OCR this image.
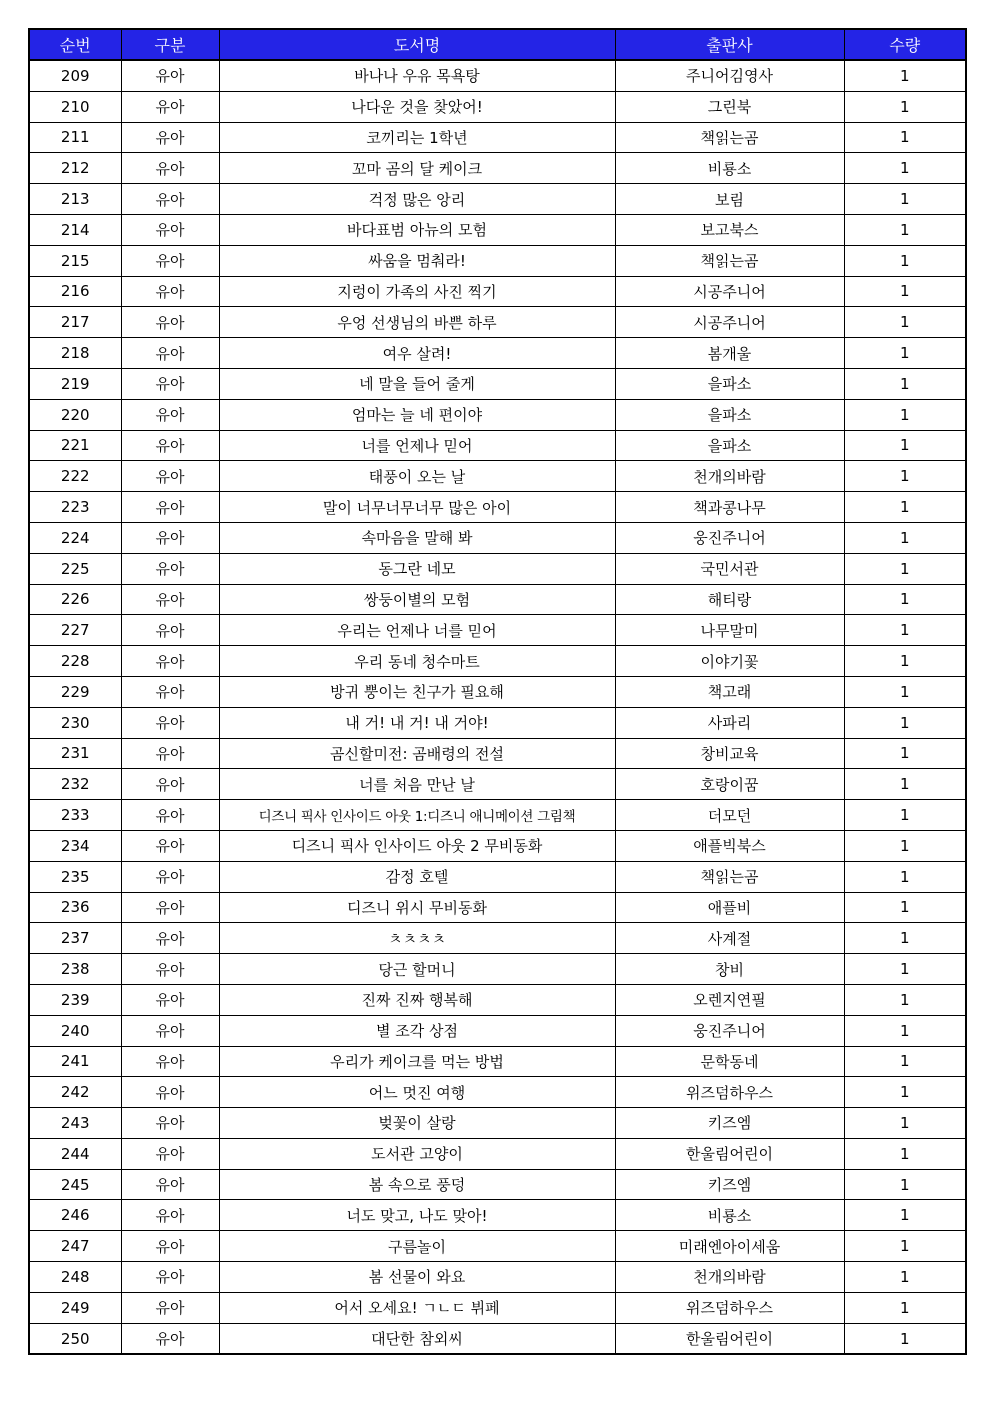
순번	구분	도서명	출판사	수량
209	유아	바나나 우유 목욕탕	주니어김영사	1
210	유아	나다운 것을 찾았어!	그린북	1
211	유아	코끼리는 1학년	책읽는곰	1
212	유아	꼬마 곰의 달 케이크	비룡소	1
213	유아	걱정 많은 앙리	보림	1
214	유아	바다표범 아뉴의 모험	보고북스	1
215	유아	싸움을 멈춰라!	책읽는곰	1
216	유아	지렁이 가족의 사진 찍기	시공주니어	1
217	유아	우엉 선생님의 바쁜 하루	시공주니어	1
218	유아	여우 살려!	봄개울	1
219	유아	네 말을 들어 줄게	을파소	1
220	유아	엄마는 늘 네 편이야	을파소	1
221	유아	너를 언제나 믿어	을파소	1
222	유아	태풍이 오는 날	천개의바람	1
223	유아	말이 너무너무너무 많은 아이	책과콩나무	1
224	유아	속마음을 말해 봐	웅진주니어	1
225	유아	동그란 네모	국민서관	1
226	유아	쌍둥이별의 모험	해티랑	1
227	유아	우리는 언제나 너를 믿어	나무말미	1
228	유아	우리 동네 청수마트	이야기꽃	1
229	유아	방귀 뿡이는 친구가 필요해	책고래	1
230	유아	내 거! 내 거! 내 거야!	사파리	1
231	유아	곰신할미전: 곰배령의 전설	창비교육	1
232	유아	너를 처음 만난 날	호랑이꿈	1
233	유아	디즈니 픽사 인사이드 아웃 1:디즈니 애니메이션 그림책	더모던	1
234	유아	디즈니 픽사 인사이드 아웃 2 무비동화	애플빅북스	1
235	유아	감정 호텔	책읽는곰	1
236	유아	디즈니 위시 무비동화	애플비	1
237	유아	ㅊㅊㅊㅊ	사계절	1
238	유아	당근 할머니	창비	1
239	유아	진짜 진짜 행복해	오렌지연필	1
240	유아	별 조각 상점	웅진주니어	1
241	유아	우리가 케이크를 먹는 방법	문학동네	1
242	유아	어느 멋진 여행	위즈덤하우스	1
243	유아	벚꽃이 살랑	키즈엠	1
244	유아	도서관 고양이	한울림어린이	1
245	유아	봄 속으로 풍덩	키즈엠	1
246	유아	너도 맞고, 나도 맞아!	비룡소	1
247	유아	구름놀이	미래엔아이세움	1
248	유아	봄 선물이 와요	천개의바람	1
249	유아	어서 오세요! ㄱㄴㄷ 뷔페	위즈덤하우스	1
250	유아	대단한 참외씨	한울림어린이	1
